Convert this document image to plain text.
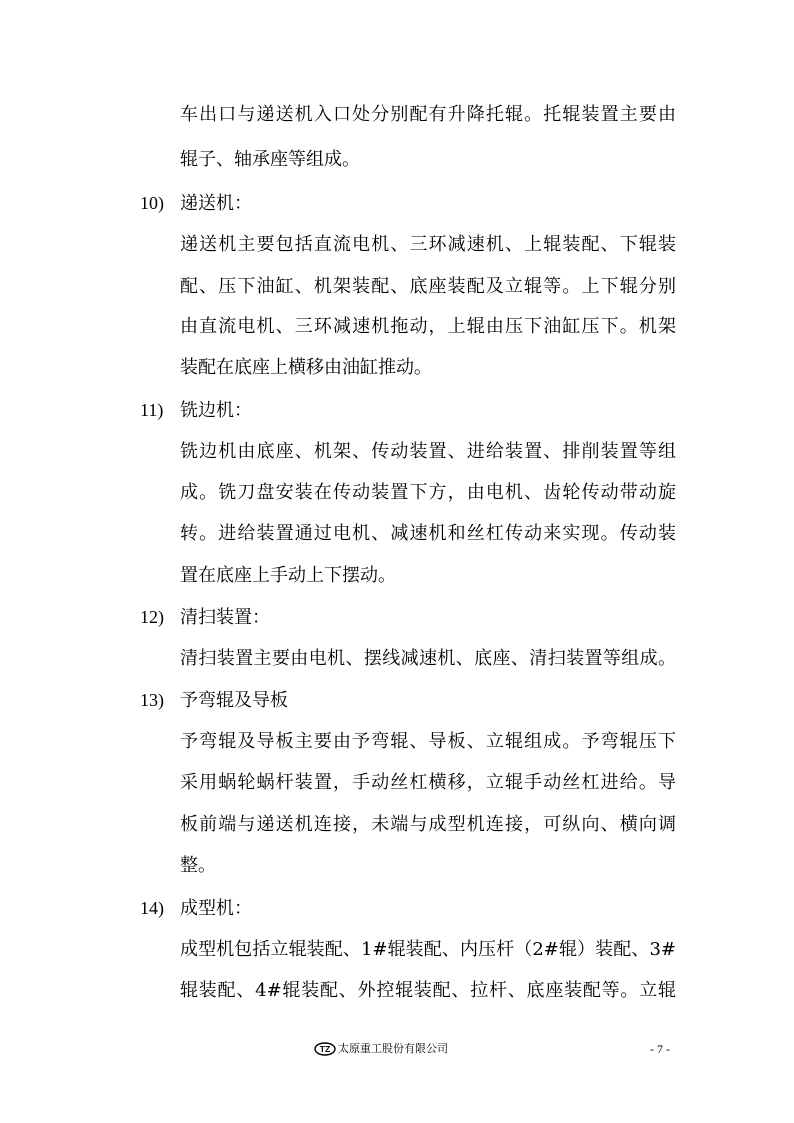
车出口与递送机入口处分别配有升降托辊。托辊装置主要由
辊子、轴承座等组成。
10) 递送机：
递送机主要包括直流电机、三环减速机、上辊装配、下辊装
配、压下油缸、机架装配、底座装配及立辊等。上下辊分别
由直流电机、三环减速机拖动，上辊由压下油缸压下。机架
装配在底座上横移由油缸推动。
11) 铣边机：
铣边机由底座、机架、传动装置、进给装置、排削装置等组
成。铣刀盘安装在传动装置下方，由电机、齿轮传动带动旋
转。进给装置通过电机、减速机和丝杠传动来实现。传动装
置在底座上手动上下摆动。
12) 清扫装置：
清扫装置主要由电机、摆线减速机、底座、清扫装置等组成。
13) 予弯辊及导板
予弯辊及导板主要由予弯辊、导板、立辊组成。予弯辊压下
采用蜗轮蜗杆装置，手动丝杠横移，立辊手动丝杠进给。导
板前端与递送机连接，未端与成型机连接，可纵向、横向调
整。
14) 成型机：
成型机包括立辊装配、1#辊装配、内压杆（2#辊）装配、3#
辊装配、4#辊装配、外控辊装配、拉杆、底座装配等。立辊
TZ 太原重工股份有限公司	- 7 -
